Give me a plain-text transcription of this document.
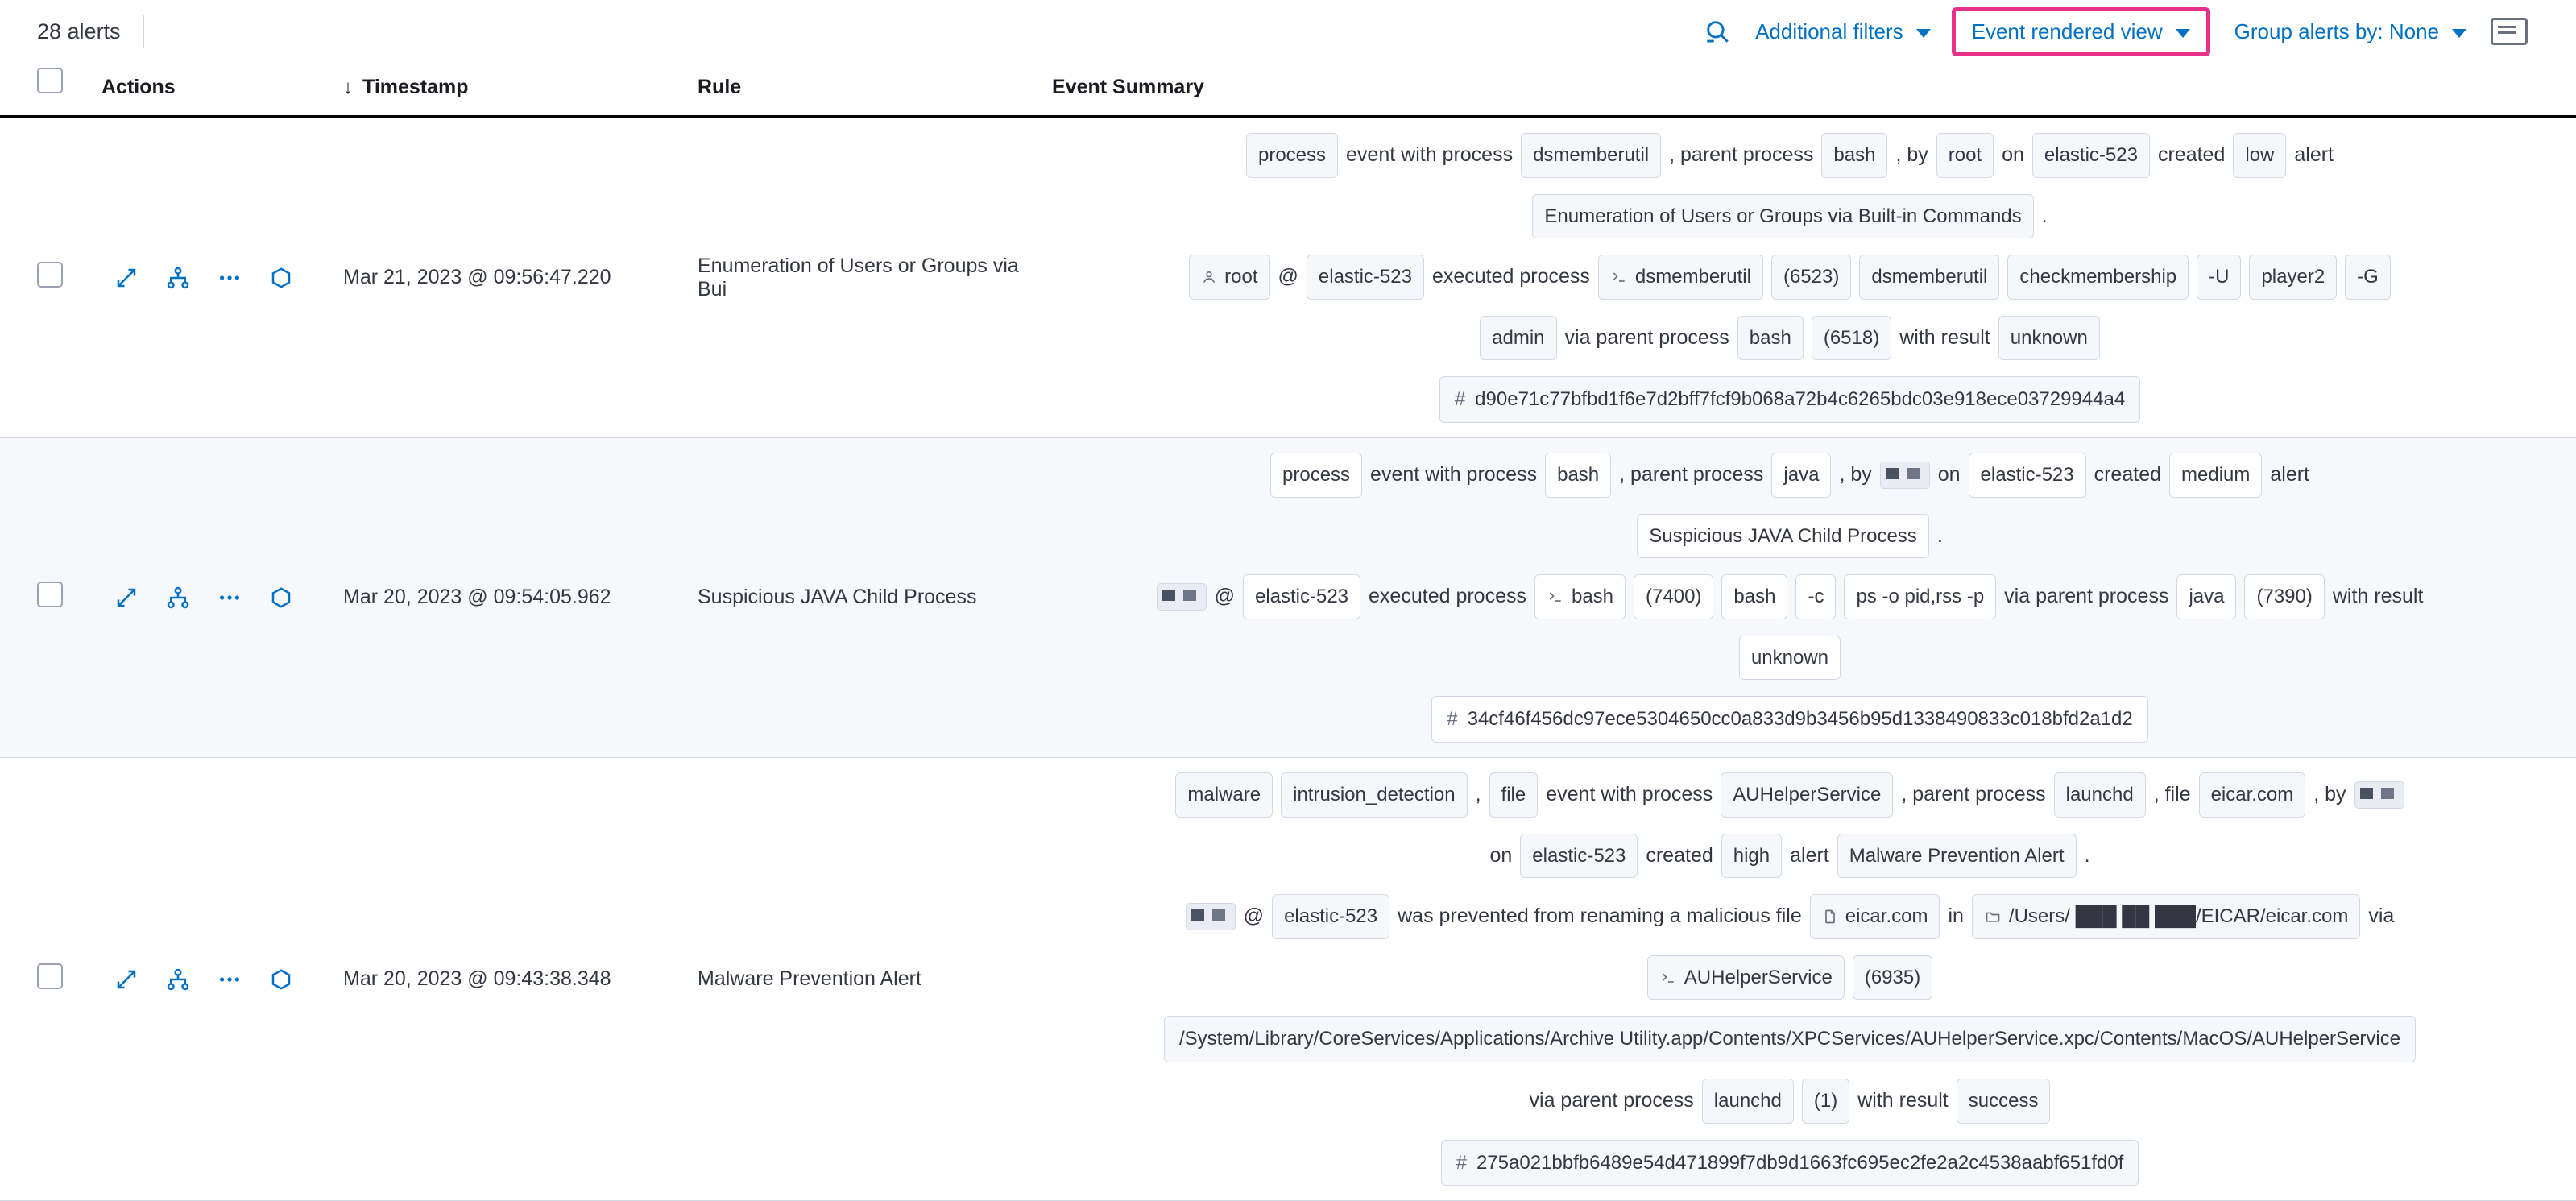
28 alerts	Additional filters	Event rendered view	Group alerts by: None
	Actions	↓ Timestamp	Rule	Event Summary

	Mar 21, 2023 @ 09:56:47.220	Enumeration of Users or Groups via Bui	
process event with process dsmemberutil , parent process bash , by root on elastic-523 created low alert
Enumeration of Users or Groups via Built-in Commands .
root @ elastic-523 executed process dsmemberutil (6523) dsmemberutil checkmembership -U player2 -G
admin via parent process bash (6518) with result unknown
# d90e71c77bfbd1f6e7d2bff7fcf9b068a72b4c6265bdc03e918ece03729944a4

	Mar 20, 2023 @ 09:54:05.962	Suspicious JAVA Child Process	
process event with process bash , parent process java , by	on elastic-523 created medium alert
Suspicious JAVA Child Process .
@ elastic-523 executed process bash (7400) bash -c ps -o pid,rss -p via parent process java (7390) with result
unknown
# 34cf46f456dc97ece5304650cc0a833d9b3456b95d1338490833c018bfd2a1d2

	Mar 20, 2023 @ 09:43:38.348	Malware Prevention Alert	
malware intrusion_detection , file event with process AUHelperService , parent process launchd , file eicar.com , by
on elastic-523 created high alert Malware Prevention Alert .
@ elastic-523 was prevented from renaming a malicious file eicar.com in /Users/ ███ ██ ███/EICAR/eicar.com via
AUHelperService (6935)
/System/Library/CoreServices/Applications/Archive Utility.app/Contents/XPCServices/AUHelperService.xpc/Contents/MacOS/AUHelperService
via parent process launchd (1) with result success
# 275a021bbfb6489e54d471899f7db9d1663fc695ec2fe2a2c4538aabf651fd0f
